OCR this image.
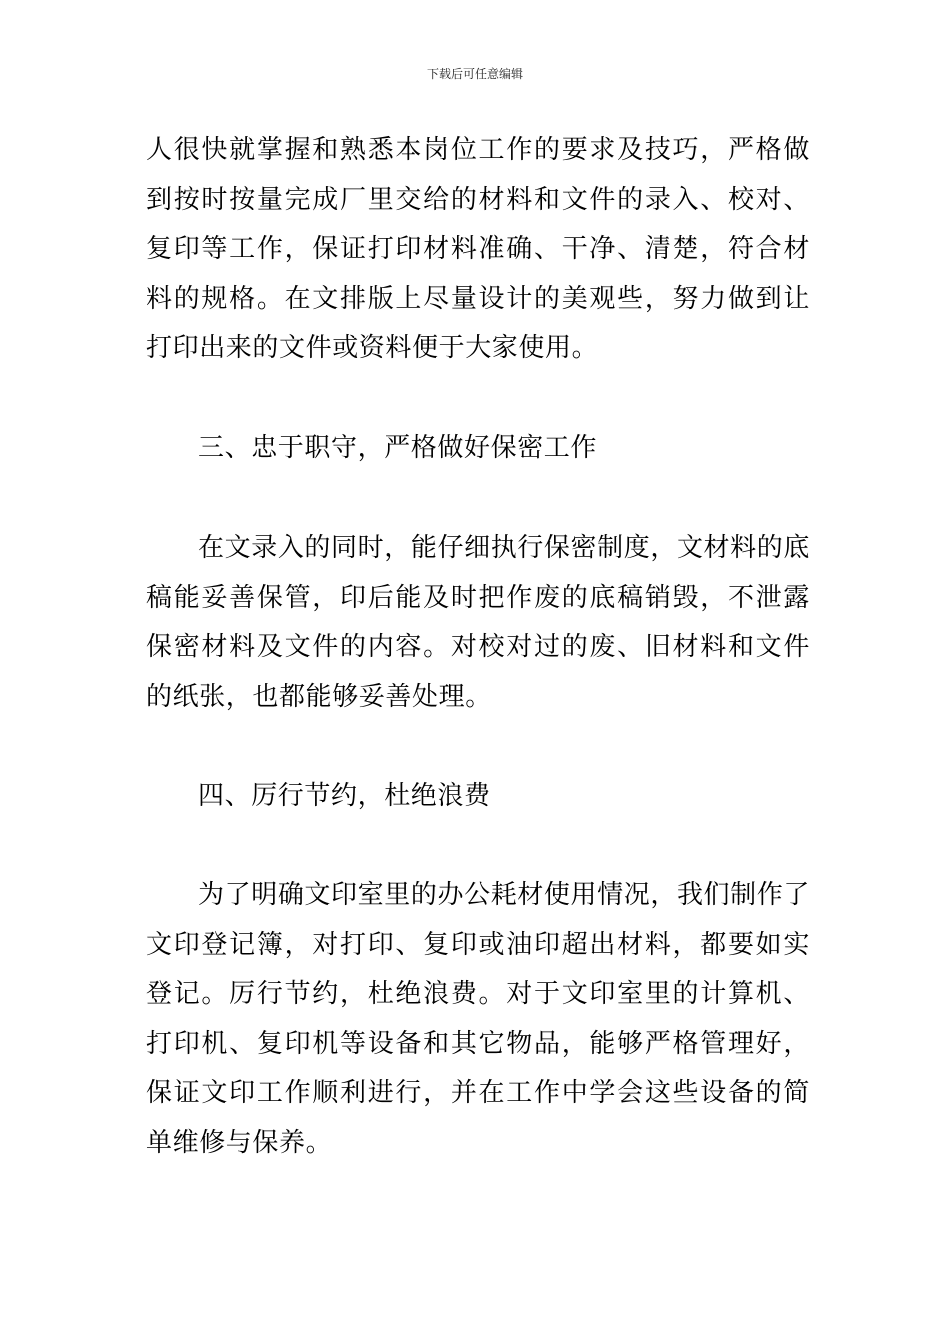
下载后可任意编辑

人很快就掌握和熟悉本岗位工作的要求及技巧，严格做到按时按量完成厂里交给的材料和文件的录入、校对、复印等工作，保证打印材料准确、干净、清楚，符合材料的规格。在文排版上尽量设计的美观些，努力做到让打印出来的文件或资料便于大家使用。

三、忠于职守，严格做好保密工作

在文录入的同时，能仔细执行保密制度，文材料的底稿能妥善保管，印后能及时把作废的底稿销毁，不泄露保密材料及文件的内容。对校对过的废、旧材料和文件的纸张，也都能够妥善处理。

四、厉行节约，杜绝浪费

为了明确文印室里的办公耗材使用情况，我们制作了文印登记簿，对打印、复印或油印超出材料，都要如实登记。厉行节约，杜绝浪费。对于文印室里的计算机、打印机、复印机等设备和其它物品，能够严格管理好，保证文印工作顺利进行，并在工作中学会这些设备的简单维修与保养。
